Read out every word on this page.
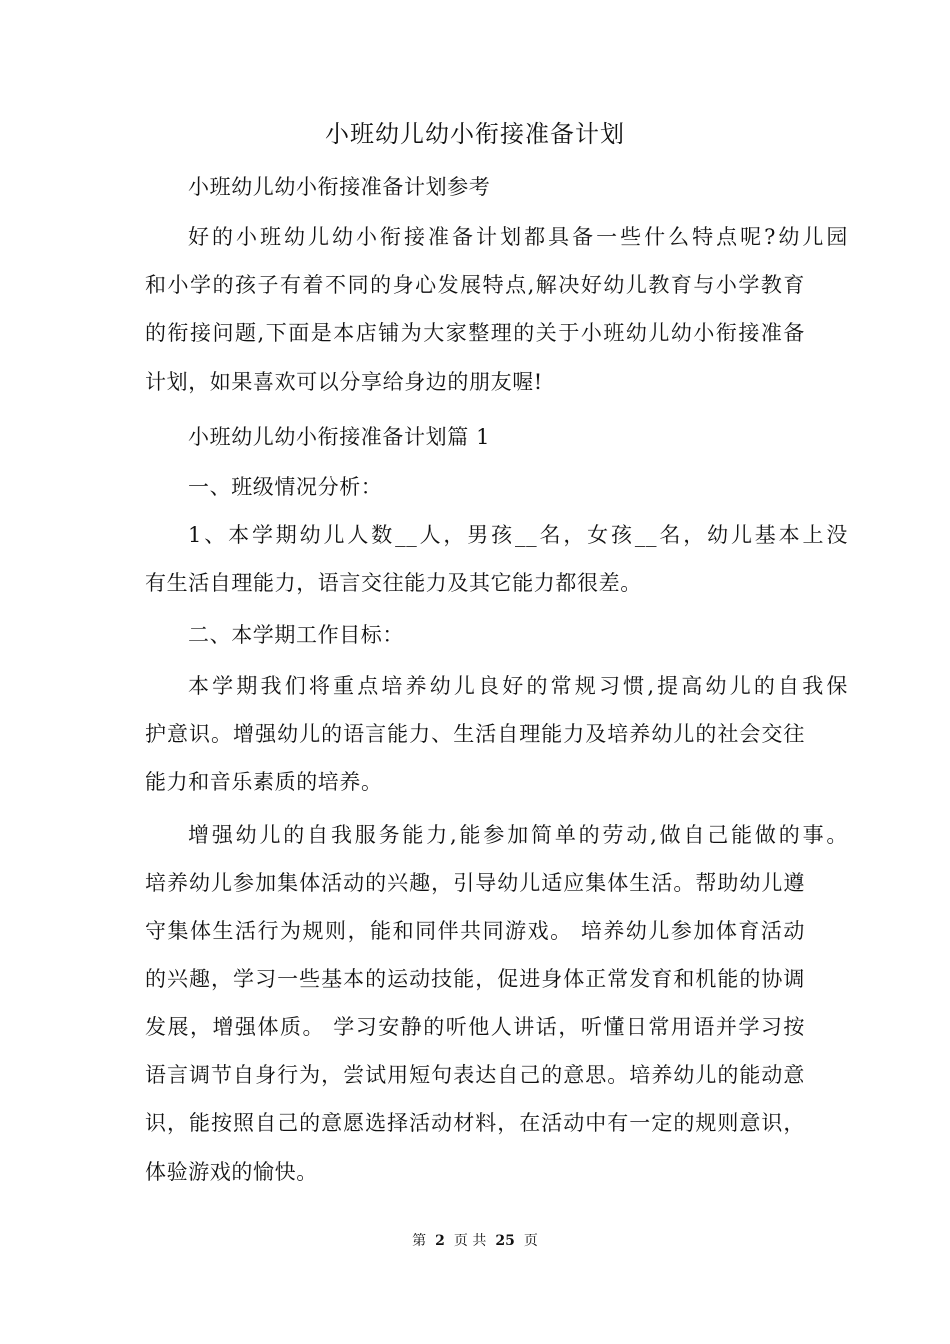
小班幼儿幼小衔接准备计划
小班幼儿幼小衔接准备计划参考
好的小班幼儿幼小衔接准备计划都具备一些什么特点呢?幼儿园
和小学的孩子有着不同的身心发展特点,解决好幼儿教育与小学教育
的衔接问题,下面是本店铺为大家整理的关于小班幼儿幼小衔接准备
计划，如果喜欢可以分享给身边的朋友喔!
小班幼儿幼小衔接准备计划篇 1
一、班级情况分析：
1、本学期幼儿人数__人，男孩__名，女孩__名，幼儿基本上没
有生活自理能力，语言交往能力及其它能力都很差。
二、本学期工作目标：
本学期我们将重点培养幼儿良好的常规习惯,提高幼儿的自我保
护意识。增强幼儿的语言能力、生活自理能力及培养幼儿的社会交往
能力和音乐素质的培养。
增强幼儿的自我服务能力,能参加简单的劳动,做自己能做的事。
培养幼儿参加集体活动的兴趣，引导幼儿适应集体生活。帮助幼儿遵
守集体生活行为规则，能和同伴共同游戏。 培养幼儿参加体育活动
的兴趣，学习一些基本的运动技能，促进身体正常发育和机能的协调
发展，增强体质。 学习安静的听他人讲话，听懂日常用语并学习按
语言调节自身行为，尝试用短句表达自己的意思。培养幼儿的能动意
识，能按照自己的意愿选择活动材料，在活动中有一定的规则意识，
体验游戏的愉快。
第 2 页 共 25 页
